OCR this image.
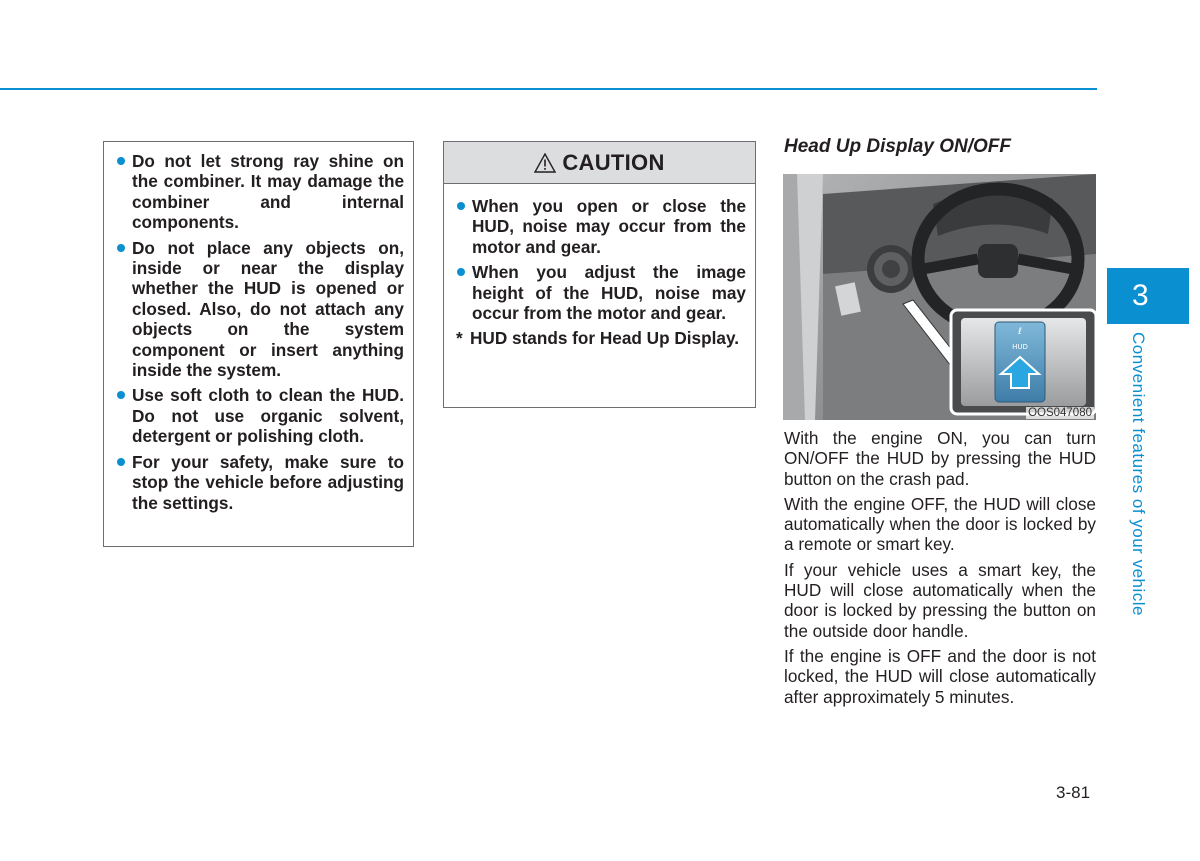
Do not let strong ray shine on the combiner. It may damage the combiner and internal components.
Do not place any objects on, inside or near the display whether the HUD is opened or closed. Also, do not attach any objects on the system component or insert anything inside the system.
Use soft cloth to clean the HUD. Do not use organic solvent, detergent or polishing cloth.
For your safety, make sure to stop the vehicle before adjusting the settings.
CAUTION
When you open or close the HUD, noise may occur from the motor and gear.
When you adjust the image height of the HUD, noise may occur from the motor and gear.
* HUD stands for Head Up Display.
Head Up Display ON/OFF
ℓ
HUD
OOS047080

With the engine ON, you can turn ON/OFF the HUD by pressing the HUD button on the crash pad.

With the engine OFF, the HUD will close automatically when the door is locked by a remote or smart key.

If your vehicle uses a smart key, the HUD will close automatically when the door is locked by pressing the button on the outside door handle.

If the engine is OFF and the door is not locked, the HUD will close automatically after approximately 5 minutes.

3
Convenient features of your vehicle
3-81
